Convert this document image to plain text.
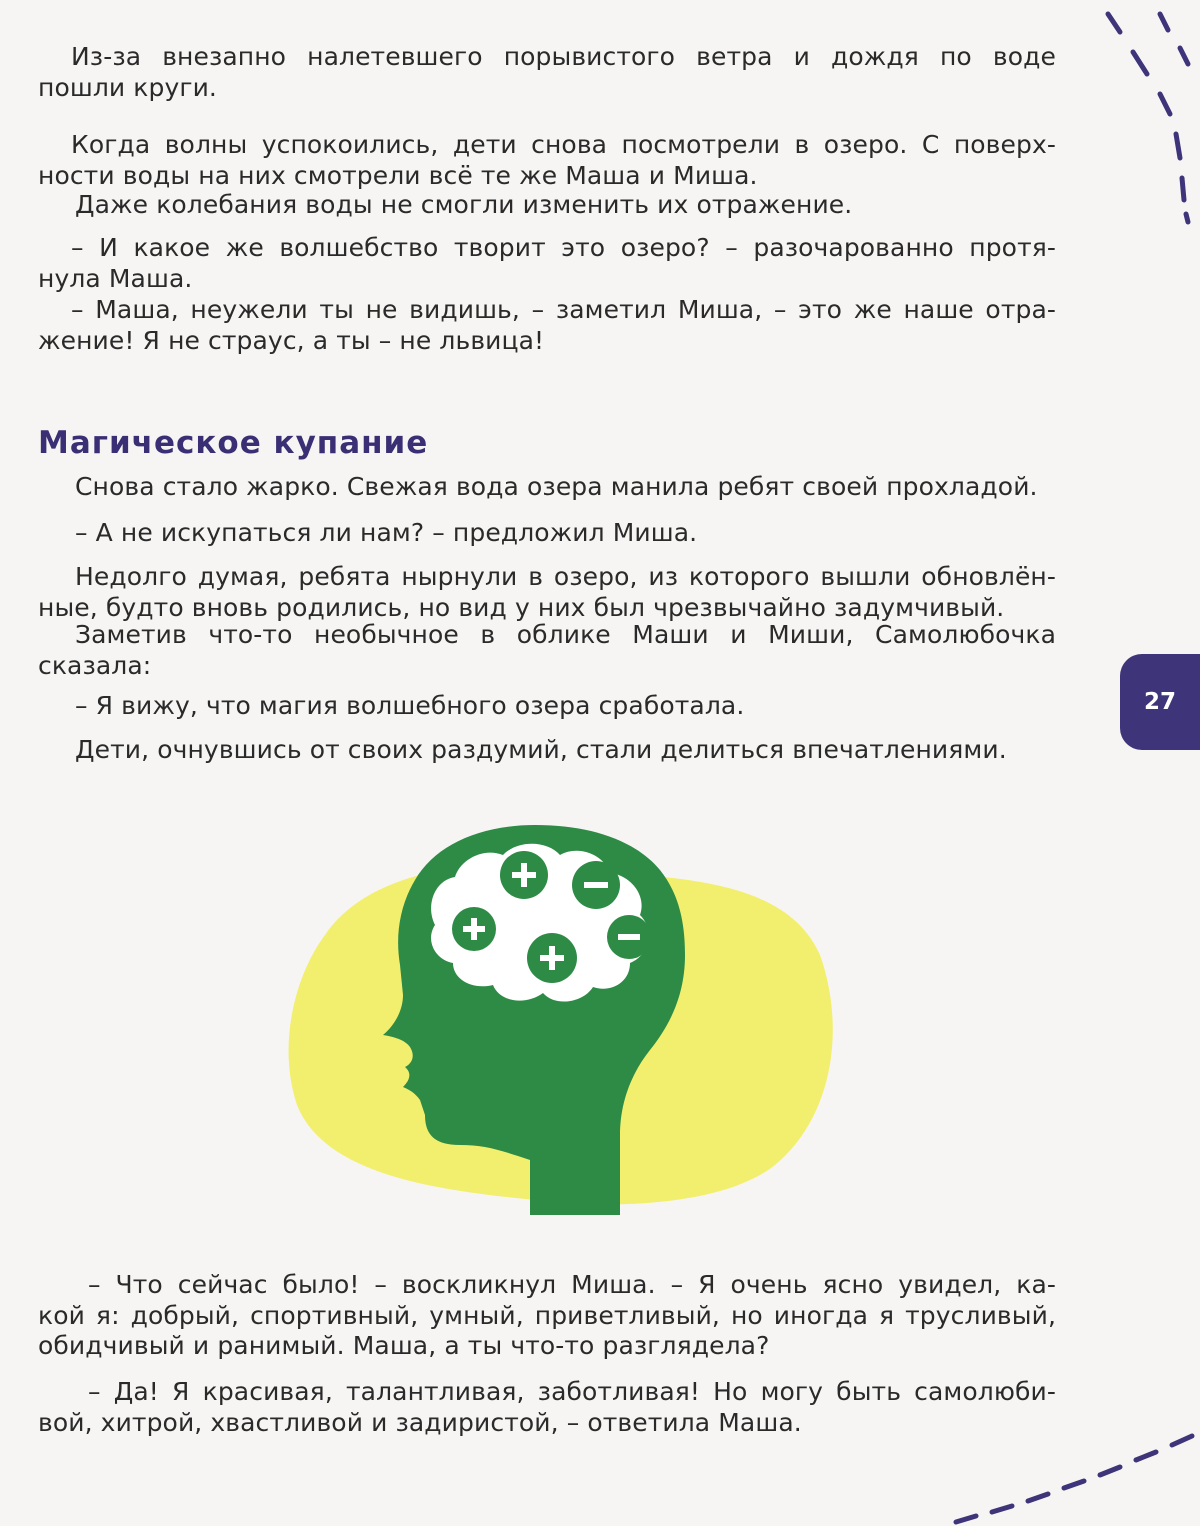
Из-за внезапно налетевшего порывистого ветра и дождя по воде
пошли круги.
Когда волны успокоились, дети снова посмотрели в озеро. С поверх-
ности воды на них смотрели всё те же Маша и Миша.
Даже колебания воды не смогли изменить их отражение.
– И какое же волшебство творит это озеро? – разочарованно протя-
нула Маша.
– Маша, неужели ты не видишь, – заметил Миша, – это же наше отра-
жение! Я не страус, а ты – не львица!
Магическое купание
Снова стало жарко. Свежая вода озера манила ребят своей прохладой.
– А не искупаться ли нам? – предложил Миша.
Недолго думая, ребята нырнули в озеро, из которого вышли обновлён-
ные, будто вновь родились, но вид у них был чрезвычайно задумчивый.
Заметив что-то необычное в облике Маши и Миши, Самолюбочка
сказала:
– Я вижу, что магия волшебного озера сработала.
Дети, очнувшись от своих раздумий, стали делиться впечатлениями.
27
– Что сейчас было! – воскликнул Миша. – Я очень ясно увидел, ка-
кой я: добрый, спортивный, умный, приветливый, но иногда я трусливый,
обидчивый и ранимый. Маша, а ты что-то разглядела?
– Да! Я красивая, талантливая, заботливая! Но могу быть самолюби-
вой, хитрой, хвастливой и задиристой, – ответила Маша.
